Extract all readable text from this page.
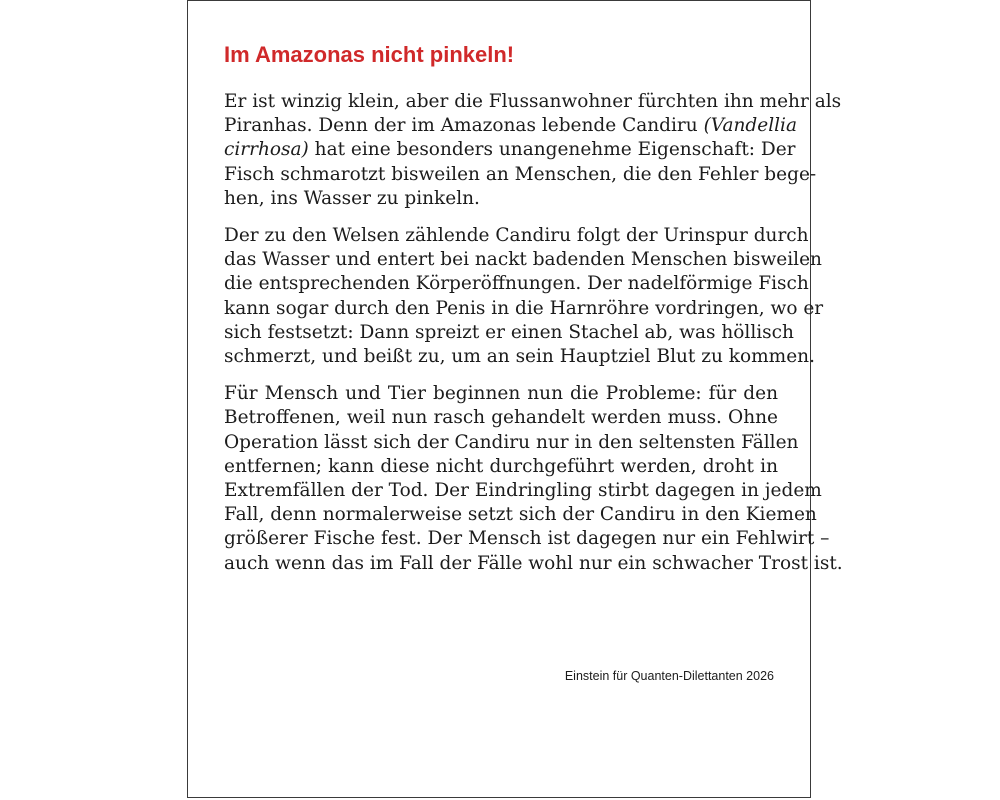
Im Amazonas nicht pinkeln!

Er ist winzig klein, aber die Flussanwohner fürchten ihn mehr als
Piranhas. Denn der im Amazonas lebende Candiru (Vandellia
cirrhosa) hat eine besonders unangenehme Eigenschaft: Der
Fisch schmarotzt bisweilen an Menschen, die den Fehler bege-
hen, ins Wasser zu pinkeln.

Der zu den Welsen zählende Candiru folgt der Urinspur durch
das Wasser und entert bei nackt badenden Menschen bisweilen
die entsprechenden Körperöffnungen. Der nadelförmige Fisch
kann sogar durch den Penis in die Harnröhre vordringen, wo er
sich festsetzt: Dann spreizt er einen Stachel ab, was höllisch
schmerzt, und beißt zu, um an sein Hauptziel Blut zu kommen.

Für Mensch und Tier beginnen nun die Probleme: für den
Betroffenen, weil nun rasch gehandelt werden muss. Ohne
Operation lässt sich der Candiru nur in den seltensten Fällen
entfernen; kann diese nicht durchgeführt werden, droht in
Extremfällen der Tod. Der Eindringling stirbt dagegen in jedem
Fall, denn normalerweise setzt sich der Candiru in den Kiemen
größerer Fische fest. Der Mensch ist dagegen nur ein Fehlwirt –
auch wenn das im Fall der Fälle wohl nur ein schwacher Trost ist.

Einstein für Quanten-Dilettanten 2026
